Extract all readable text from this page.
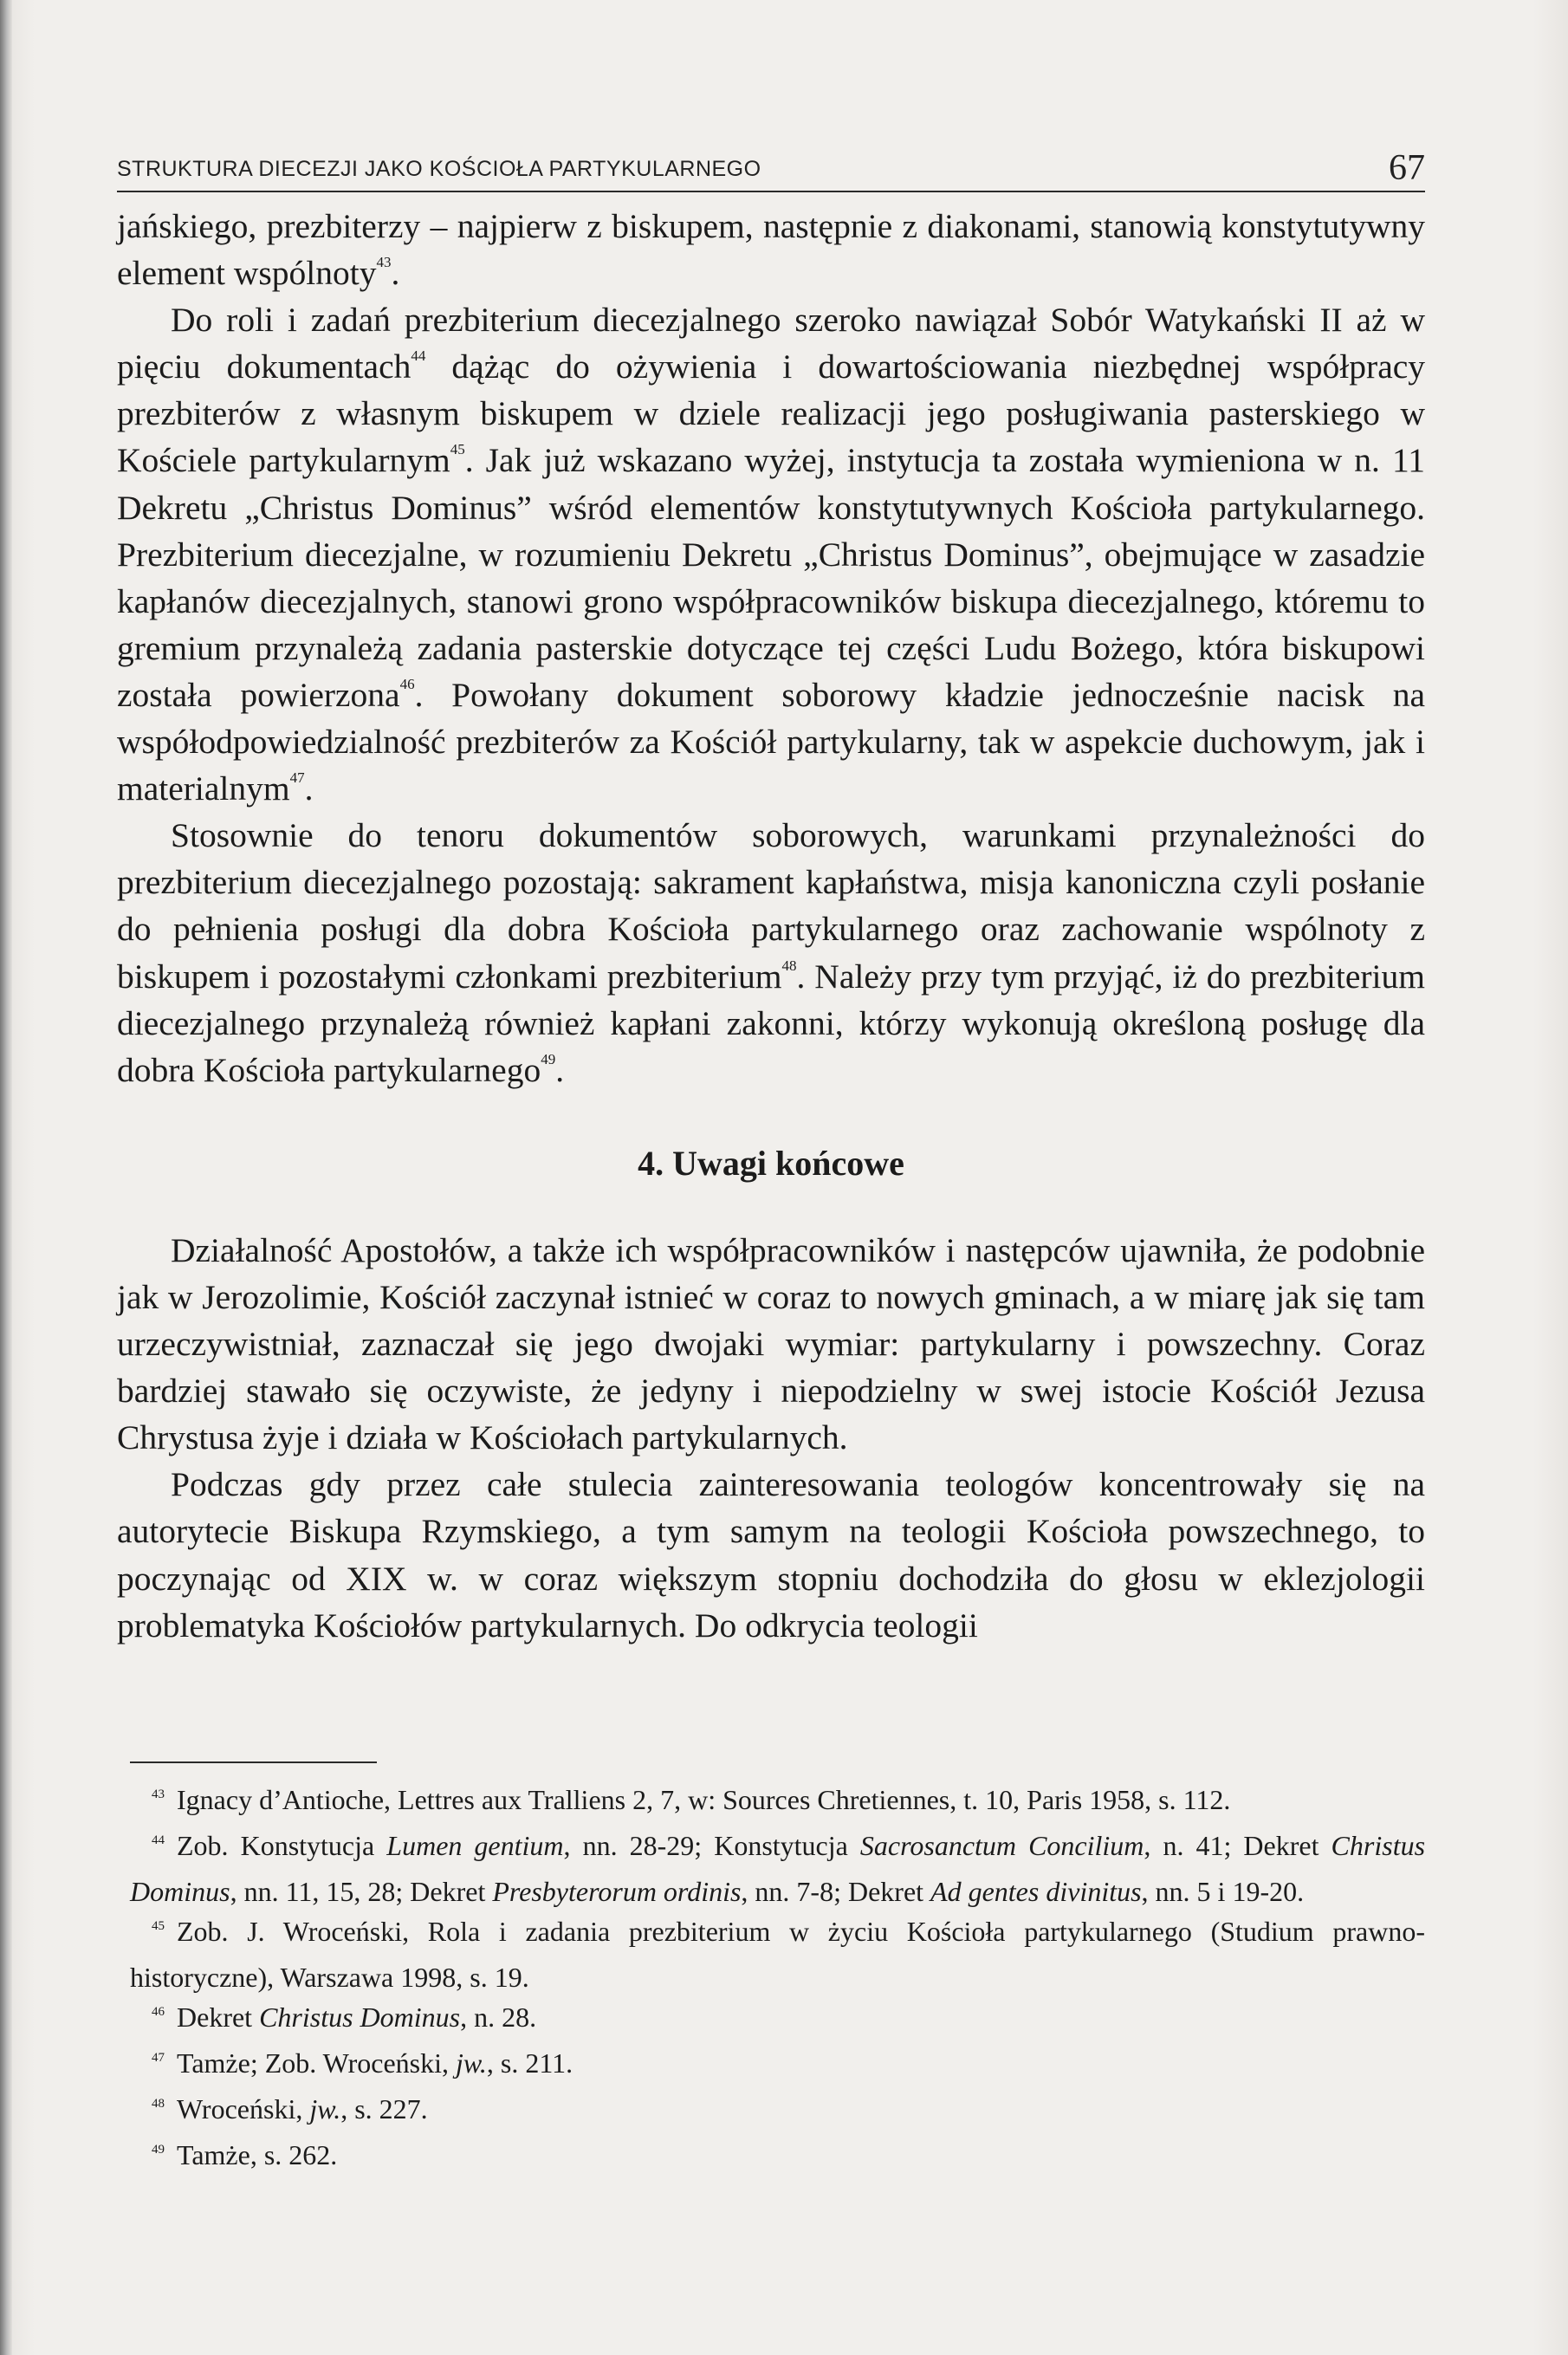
STRUKTURA DIECEZJI JAKO KOŚCIOŁA PARTYKULARNEGO	67

jańskiego, prezbiterzy – najpierw z biskupem, następnie z diakonami, stanowią konstytutywny element wspólnoty$^{43}$.

Do roli i zadań prezbiterium diecezjalnego szeroko nawiązał Sobór Watykański II aż w pięciu dokumentach$^{44}$ dążąc do ożywienia i dowartościowania niezbędnej współpracy prezbiterów z własnym biskupem w dziele realizacji jego posługiwania pasterskiego w Kościele partykularnym$^{45}$. Jak już wskazano wyżej, instytucja ta została wymieniona w n. 11 Dekretu „Christus Dominus” wśród elementów konstytutywnych Kościoła partykularnego. Prezbiterium diecezjalne, w rozumieniu Dekretu „Christus Dominus”, obejmujące w zasadzie kapłanów diecezjalnych, stanowi grono współpracowników biskupa diecezjalnego, któremu to gremium przynależą zadania pasterskie dotyczące tej części Ludu Bożego, która biskupowi została powierzona$^{46}$. Powołany dokument soborowy kładzie jednocześnie nacisk na współodpowiedzialność prezbiterów za Kościół partykularny, tak w aspekcie duchowym, jak i materialnym$^{47}$.

Stosownie do tenoru dokumentów soborowych, warunkami przynależności do prezbiterium diecezjalnego pozostają: sakrament kapłaństwa, misja kanoniczna czyli posłanie do pełnienia posługi dla dobra Kościoła partykularnego oraz zachowanie wspólnoty z biskupem i pozostałymi członkami prezbiterium$^{48}$. Należy przy tym przyjąć, iż do prezbiterium diecezjalnego przynależą również kapłani zakonni, którzy wykonują określoną posługę dla dobra Kościoła partykularnego$^{49}$.

4. Uwagi końcowe

Działalność Apostołów, a także ich współpracowników i następców ujawniła, że podobnie jak w Jerozolimie, Kościół zaczynał istnieć w coraz to nowych gminach, a w miarę jak się tam urzeczywistniał, zaznaczał się jego dwojaki wymiar: partykularny i powszechny. Coraz bardziej stawało się oczywiste, że jedyny i niepodzielny w swej istocie Kościół Jezusa Chrystusa żyje i działa w Kościołach partykularnych.

Podczas gdy przez całe stulecia zainteresowania teologów koncentrowały się na autorytecie Biskupa Rzymskiego, a tym samym na teologii Kościoła powszechnego, to poczynając od XIX w. w coraz większym stopniu dochodziła do głosu w eklezjologii problematyka Kościołów partykularnych. Do odkrycia teologii

$^{43}$ Ignacy d’Antioche, Lettres aux Tralliens 2, 7, w: Sources Chretiennes, t. 10, Paris 1958, s. 112.

$^{44}$ Zob. Konstytucja Lumen gentium, nn. 28-29; Konstytucja Sacrosanctum Concilium, n. 41; Dekret Christus Dominus, nn. 11, 15, 28; Dekret Presbyterorum ordinis, nn. 7-8; Dekret Ad gentes divinitus, nn. 5 i 19-20.

$^{45}$ Zob. J. Wroceński, Rola i zadania prezbiterium w życiu Kościoła partykularnego (Studium prawno-historyczne), Warszawa 1998, s. 19.

$^{46}$ Dekret Christus Dominus, n. 28.

$^{47}$ Tamże; Zob. Wroceński, jw., s. 211.

$^{48}$ Wroceński, jw., s. 227.

$^{49}$ Tamże, s. 262.
